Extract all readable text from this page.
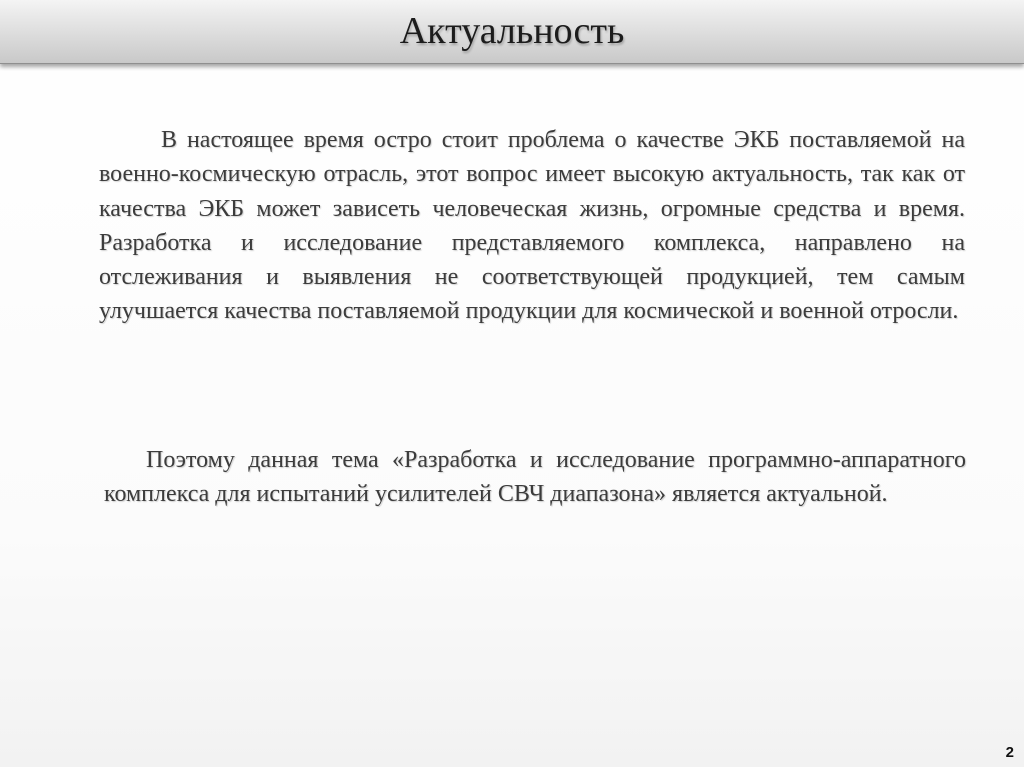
Актуальность

В настоящее время остро стоит проблема о качестве ЭКБ поставляемой на военно-космическую отрасль, этот вопрос имеет высокую актуальность, так как от качества ЭКБ может зависеть человеческая жизнь, огромные средства и время. Разработка и исследование представляемого комплекса, направлено на отслеживания и выявления не соответствующей продукцией, тем самым улучшается качества поставляемой продукции для космической и военной отросли.

Поэтому данная тема «Разработка и исследование программно-аппаратного комплекса для испытаний усилителей СВЧ диапазона» является актуальной.

2
